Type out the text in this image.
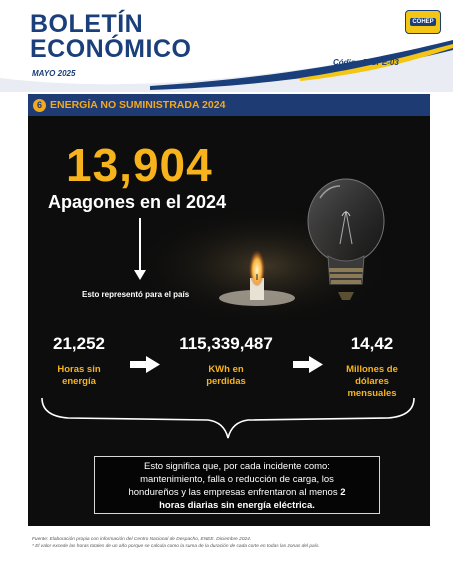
BOLETÍN
ECONÓMICO
MAYO 2025
Código F-GPE-03
COHEP
6 ENERGÍA NO SUMINISTRADA 2024
13,904
Apagones en el 2024
Esto representó para el país
21,252
Horas sin
energía
115,339,487
KWh en
perdidas
14,42
Millones de
dólares
mensuales
Esto significa que, por cada incidente como:
mantenimiento, falla o reducción de carga, los
hondureños y las empresas enfrentaron al menos 2
horas diarias sin energía eléctrica.
Fuente: Elaboración propia con información del Centro Nacional de Despacho, ENEE. Diciembre 2024.
* El valor excede las horas totales de un año porque se calcula como la suma de la duración de cada corte en todas las zonas del país.
